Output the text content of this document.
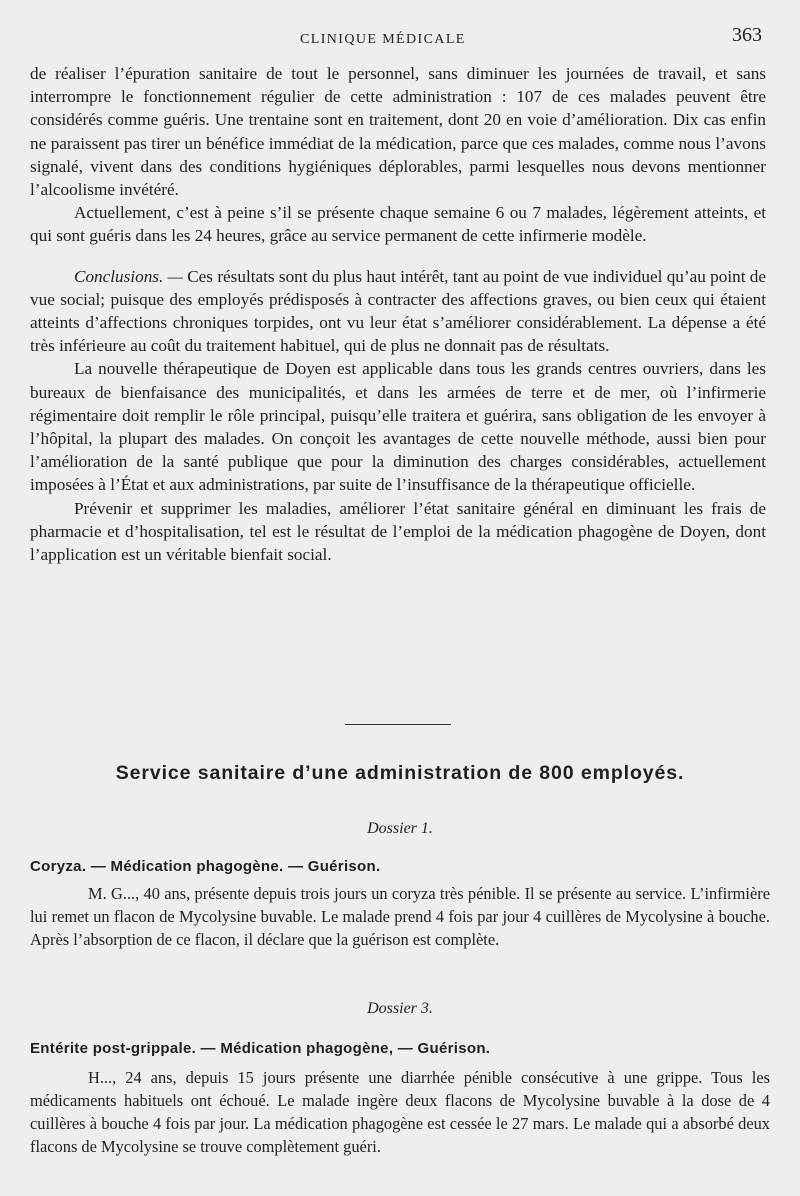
CLINIQUE MÉDICALE	363

de réaliser l’épuration sanitaire de tout le personnel, sans diminuer les journées de travail, et sans interrompre le fonctionnement régulier de cette administration : 107 de ces malades peuvent être considérés comme guéris. Une trentaine sont en traitement, dont 20 en voie d’amélioration. Dix cas enfin ne paraissent pas tirer un bénéfice immédiat de la médication, parce que ces malades, comme nous l’avons signalé, vivent dans des conditions hygiéniques déplorables, parmi lesquelles nous devons mentionner l’alcoolisme invétéré.

Actuellement, c’est à peine s’il se présente chaque semaine 6 ou 7 malades, légèrement atteints, et qui sont guéris dans les 24 heures, grâce au service permanent de cette infirmerie modèle.

Conclusions. — Ces résultats sont du plus haut intérêt, tant au point de vue individuel qu’au point de vue social; puisque des employés prédisposés à contracter des affections graves, ou bien ceux qui étaient atteints d’affections chroniques torpides, ont vu leur état s’améliorer considérablement. La dépense a été très inférieure au coût du traitement habituel, qui de plus ne donnait pas de résultats.

La nouvelle thérapeutique de Doyen est applicable dans tous les grands centres ouvriers, dans les bureaux de bienfaisance des municipalités, et dans les armées de terre et de mer, où l’infirmerie régimentaire doit remplir le rôle principal, puisqu’elle traitera et guérira, sans obligation de les envoyer à l’hôpital, la plupart des malades. On conçoit les avantages de cette nouvelle méthode, aussi bien pour l’amélioration de la santé publique que pour la diminution des charges considérables, actuellement imposées à l’État et aux administrations, par suite de l’insuffisance de la thérapeutique officielle.

Prévenir et supprimer les maladies, améliorer l’état sanitaire général en diminuant les frais de pharmacie et d’hospitalisation, tel est le résultat de l’emploi de la médication phagogène de Doyen, dont l’application est un véritable bienfait social.

Service sanitaire d’une administration de 800 employés.
Dossier 1.
Coryza. — Médication phagogène. — Guérison.

M. G..., 40 ans, présente depuis trois jours un coryza très pénible. Il se présente au service. L’infirmière lui remet un flacon de Mycolysine buvable. Le malade prend 4 fois par jour 4 cuillères de Mycolysine à bouche. Après l’absorption de ce flacon, il déclare que la guérison est complète.

Dossier 3.
Entérite post-grippale. — Médication phagogène, — Guérison.

H..., 24 ans, depuis 15 jours présente une diarrhée pénible consécutive à une grippe. Tous les médicaments habituels ont échoué. Le malade ingère deux flacons de Mycolysine buvable à la dose de 4 cuillères à bouche 4 fois par jour. La médication phagogène est cessée le 27 mars. Le malade qui a absorbé deux flacons de Mycolysine se trouve complètement guéri.
